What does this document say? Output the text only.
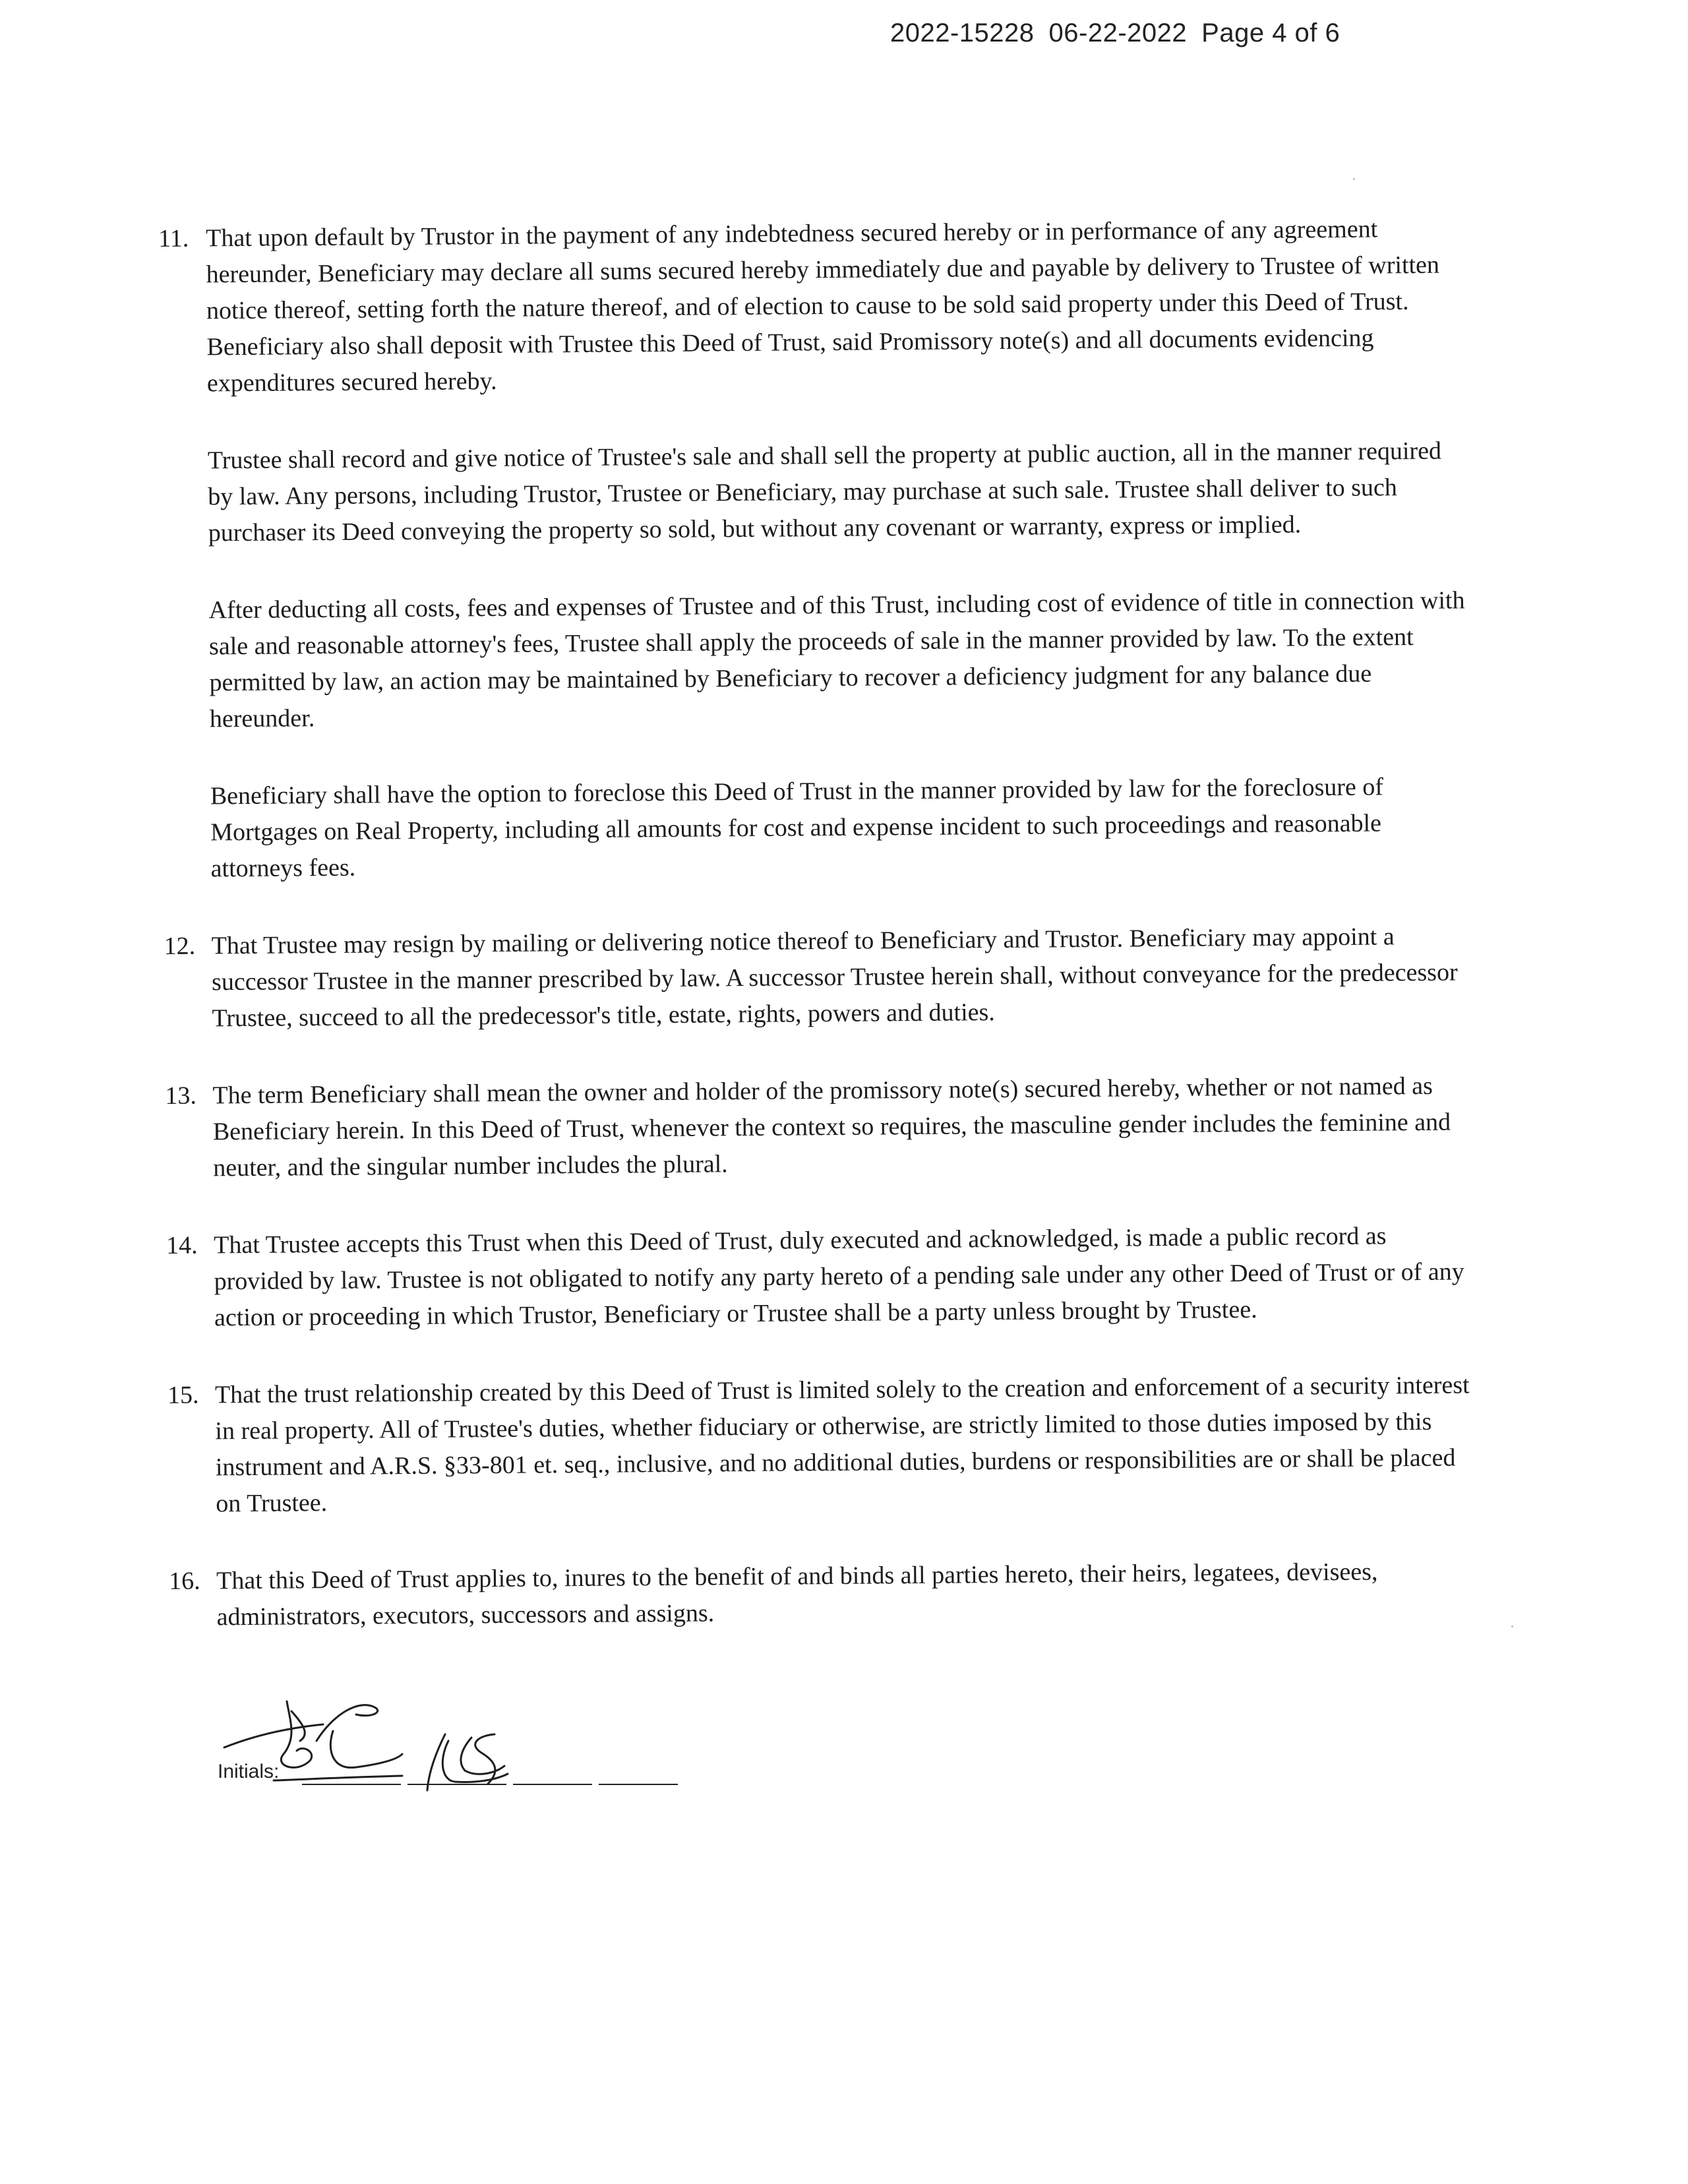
2022-15228 06-22-2022 Page 4 of 6
11. That upon default by Trustor in the payment of any indebtedness secured hereby or in performance of any agreement hereunder, Beneficiary may declare all sums secured hereby immediately due and payable by delivery to Trustee of written notice thereof, setting forth the nature thereof, and of election to cause to be sold said property under this Deed of Trust. Beneficiary also shall deposit with Trustee this Deed of Trust, said Promissory note(s) and all documents evidencing expenditures secured hereby.
Trustee shall record and give notice of Trustee's sale and shall sell the property at public auction, all in the manner required by law. Any persons, including Trustor, Trustee or Beneficiary, may purchase at such sale. Trustee shall deliver to such purchaser its Deed conveying the property so sold, but without any covenant or warranty, express or implied.
After deducting all costs, fees and expenses of Trustee and of this Trust, including cost of evidence of title in connection with sale and reasonable attorney's fees, Trustee shall apply the proceeds of sale in the manner provided by law. To the extent permitted by law, an action may be maintained by Beneficiary to recover a deficiency judgment for any balance due hereunder.
Beneficiary shall have the option to foreclose this Deed of Trust in the manner provided by law for the foreclosure of Mortgages on Real Property, including all amounts for cost and expense incident to such proceedings and reasonable attorneys fees.
12. That Trustee may resign by mailing or delivering notice thereof to Beneficiary and Trustor. Beneficiary may appoint a successor Trustee in the manner prescribed by law. A successor Trustee herein shall, without conveyance for the predecessor Trustee, succeed to all the predecessor's title, estate, rights, powers and duties.
13. The term Beneficiary shall mean the owner and holder of the promissory note(s) secured hereby, whether or not named as Beneficiary herein. In this Deed of Trust, whenever the context so requires, the masculine gender includes the feminine and neuter, and the singular number includes the plural.
14. That Trustee accepts this Trust when this Deed of Trust, duly executed and acknowledged, is made a public record as provided by law. Trustee is not obligated to notify any party hereto of a pending sale under any other Deed of Trust or of any action or proceeding in which Trustor, Beneficiary or Trustee shall be a party unless brought by Trustee.
15. That the trust relationship created by this Deed of Trust is limited solely to the creation and enforcement of a security interest in real property. All of Trustee's duties, whether fiduciary or otherwise, are strictly limited to those duties imposed by this instrument and A.R.S. §33-801 et. seq., inclusive, and no additional duties, burdens or responsibilities are or shall be placed on Trustee.
16. That this Deed of Trust applies to, inures to the benefit of and binds all parties hereto, their heirs, legatees, devisees, administrators, executors, successors and assigns.
Initials:
